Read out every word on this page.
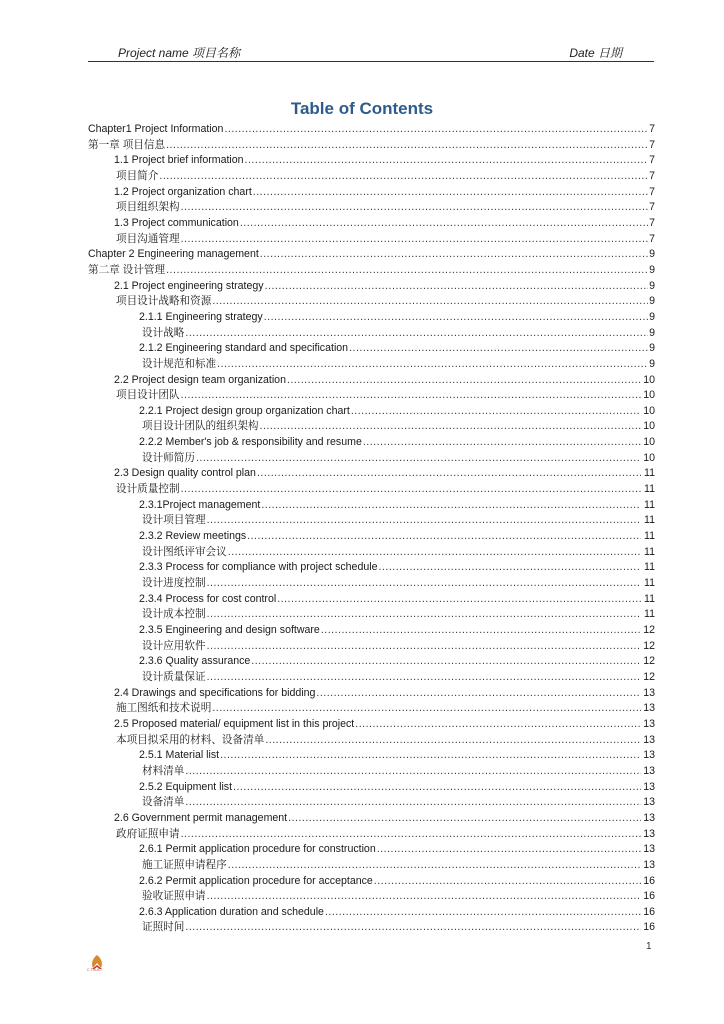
Project name 项目名称	Date 日期
Table of Contents
Chapter1 Project Information .....	7
第一章 项目信息 .....	7
1.1 Project brief information .....	7
项目简介 .....	7
1.2 Project organization chart .....	7
项目组织架构 .....	7
1.3 Project communication .....	7
项目沟通管理 .....	7
Chapter 2 Engineering management .....	9
第二章 设计管理 .....	9
2.1 Project engineering strategy .....	9
项目设计战略和资源 .....	9
2.1.1 Engineering strategy .....	9
设计战略 .....	9
2.1.2 Engineering standard and specification .....	9
设计规范和标准 .....	9
2.2 Project design team organization .....	10
项目设计团队 .....	10
2.2.1 Project design group organization chart .....	10
项目设计团队的组织架构 .....	10
2.2.2 Member's job & responsibility and resume .....	10
设计师简历 .....	10
2.3 Design quality control plan .....	11
设计质量控制 .....	11
2.3.1Project management .....	11
设计项目管理 .....	11
2.3.2 Review meetings .....	11
设计图纸评审会议 .....	11
2.3.3 Process for compliance with project schedule .....	11
设计进度控制 .....	11
2.3.4 Process for cost control .....	11
设计成本控制 .....	11
2.3.5 Engineering and design software .....	12
设计应用软件 .....	12
2.3.6 Quality assurance .....	12
设计质量保证 .....	12
2.4 Drawings and specifications for bidding .....	13
施工图纸和技术说明 .....	13
2.5 Proposed material/ equipment list in this project .....	13
本项目拟采用的材料、设备清单 .....	13
2.5.1 Material list .....	13
材料清单 .....	13
2.5.2 Equipment list .....	13
设备清单 .....	13
2.6 Government permit management .....	13
政府证照申请 .....	13
2.6.1 Permit application procedure for construction .....	13
施工证照申请程序 .....	13
2.6.2 Permit application procedure for acceptance .....	16
验收证照申请 .....	16
2.6.3 Application duration and schedule .....	16
证照时间 .....	16
1
C TRUST
